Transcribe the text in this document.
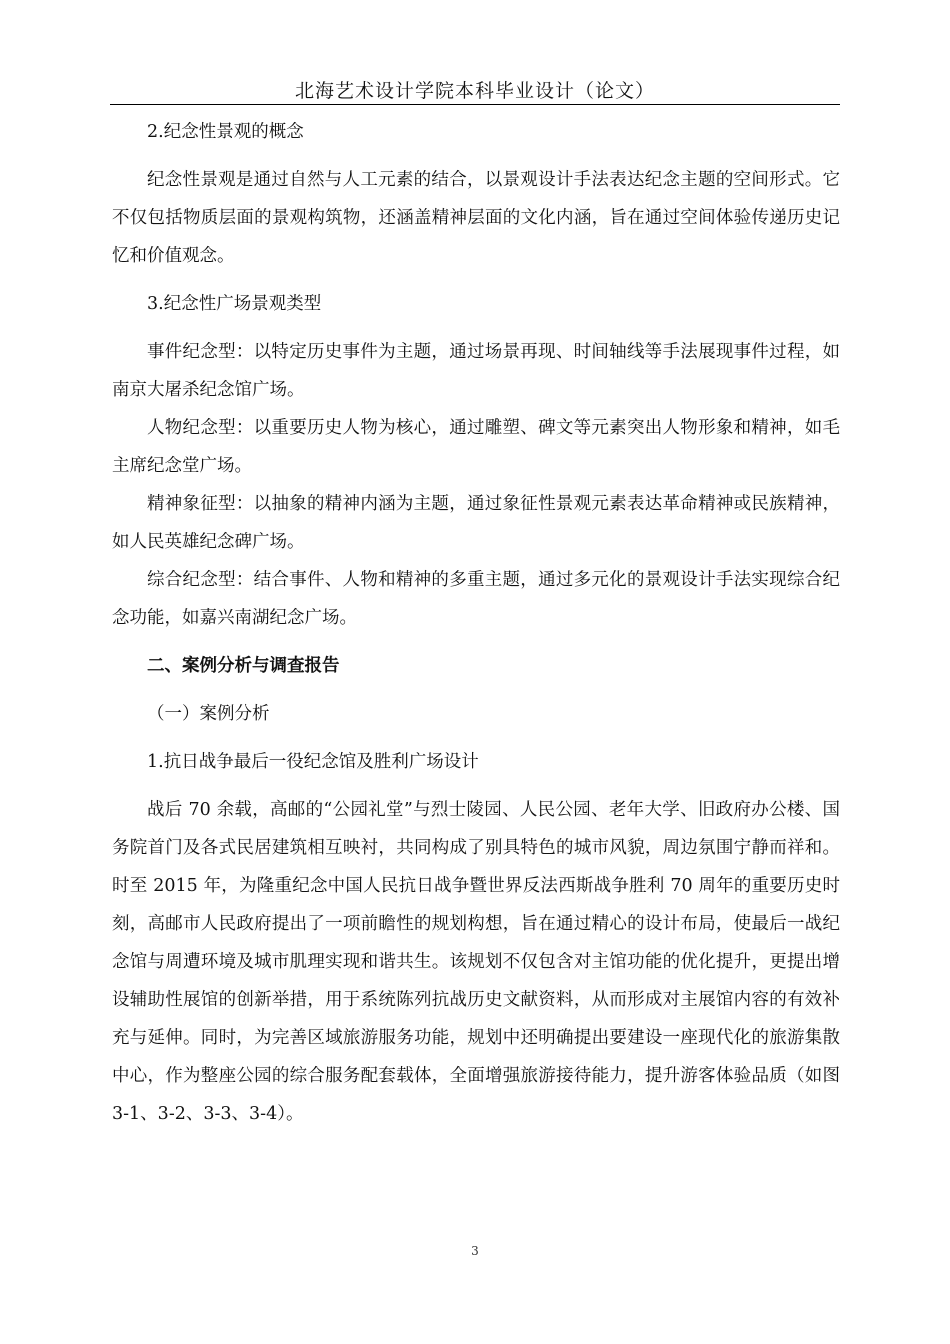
北海艺术设计学院本科毕业设计（论文）

2.纪念性景观的概念

纪念性景观是通过自然与人工元素的结合，以景观设计手法表达纪念主题的空间形式。它不仅包括物质层面的景观构筑物，还涵盖精神层面的文化内涵，旨在通过空间体验传递历史记忆和价值观念。

3.纪念性广场景观类型

事件纪念型：以特定历史事件为主题，通过场景再现、时间轴线等手法展现事件过程，如南京大屠杀纪念馆广场。

人物纪念型：以重要历史人物为核心，通过雕塑、碑文等元素突出人物形象和精神，如毛主席纪念堂广场。

精神象征型：以抽象的精神内涵为主题，通过象征性景观元素表达革命精神或民族精神，如人民英雄纪念碑广场。

综合纪念型：结合事件、人物和精神的多重主题，通过多元化的景观设计手法实现综合纪念功能，如嘉兴南湖纪念广场。

二、案例分析与调查报告

（一）案例分析

1.抗日战争最后一役纪念馆及胜利广场设计

战后 70 余载，高邮的“公园礼堂”与烈士陵园、人民公园、老年大学、旧政府办公楼、国务院首门及各式民居建筑相互映衬，共同构成了别具特色的城市风貌，周边氛围宁静而祥和。时至 2015 年，为隆重纪念中国人民抗日战争暨世界反法西斯战争胜利 70 周年的重要历史时刻，高邮市人民政府提出了一项前瞻性的规划构想，旨在通过精心的设计布局，使最后一战纪念馆与周遭环境及城市肌理实现和谐共生。该规划不仅包含对主馆功能的优化提升，更提出增设辅助性展馆的创新举措，用于系统陈列抗战历史文献资料，从而形成对主展馆内容的有效补充与延伸。同时，为完善区域旅游服务功能，规划中还明确提出要建设一座现代化的旅游集散中心，作为整座公园的综合服务配套载体，全面增强旅游接待能力，提升游客体验品质（如图 3-1、3-2、3-3、3-4）。

3
